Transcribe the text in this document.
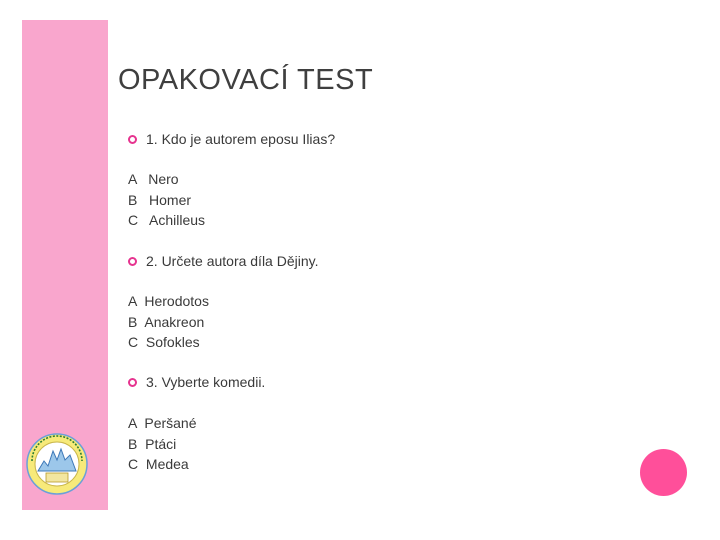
OPAKOVACÍ TEST
1. Kdo je autorem eposu Ilias?
A Nero
B Homer
C Achilleus
2. Určete autora díla Dějiny.
A Herodotos
B Anakreon
C Sofokles
3. Vyberte komedii.
A Peršané
B Ptáci
C Medea
